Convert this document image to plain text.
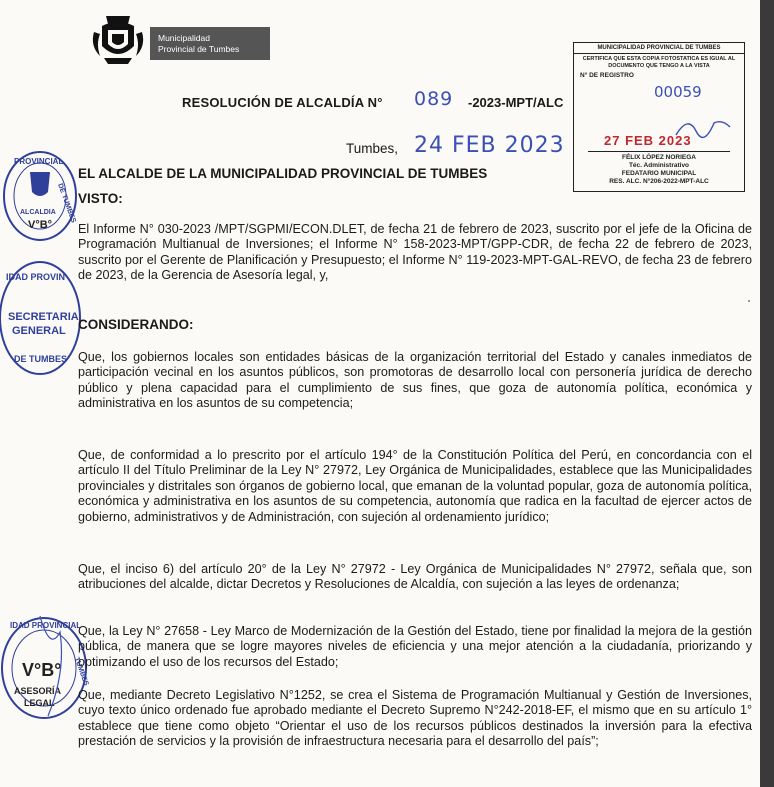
Municipalidad
Provincial de Tumbes
RESOLUCIÓN DE ALCALDÍA N° 089 -2023-MPT/ALC
Tumbes, 24 FEB 2023
MUNICIPALIDAD PROVINCIAL DE TUMBES
CERTIFICA QUE ESTA COPIA FOTOSTATICA ES IGUAL AL DOCUMENTO QUE TENGO A LA VISTA
N° DE REGISTRO
00059
27 FEB 2023
FÉLIX LÓPEZ NORIEGA
Téc. Administrativo
FEDATARIO MUNICIPAL
RES. ALC. N°206-2022-MPT-ALC
PROVINCIAL
DE TUMBES
ALCALDIA
V°B°
IDAD PROVIN
SECRETARIA
GENERAL
DE TUMBES
IDAD PROVINCIAL
TUMBES
V°B°
ASESORÍA
LEGAL
EL ALCALDE DE LA MUNICIPALIDAD PROVINCIAL DE TUMBES
VISTO:

El Informe N° 030-2023 /MPT/SGPMI/ECON.DLET, de fecha 21 de febrero de 2023, suscrito por el jefe de la Oficina de Programación Multianual de Inversiones; el Informe N° 158-2023-MPT/GPP-CDR, de fecha 22 de febrero de 2023, suscrito por el Gerente de Planificación y Presupuesto; el Informe N° 119-2023-MPT-GAL-REVO, de fecha 23 de febrero de 2023, de la Gerencia de Asesoría legal, y,

CONSIDERANDO:

Que, los gobiernos locales son entidades básicas de la organización territorial del Estado y canales inmediatos de participación vecinal en los asuntos públicos, son promotoras de desarrollo local con personería jurídica de derecho público y plena capacidad para el cumplimiento de sus fines, que goza de autonomía política, económica y administrativa en los asuntos de su competencia;

Que, de conformidad a lo prescrito por el artículo 194° de la Constitución Política del Perú, en concordancia con el artículo II del Título Preliminar de la Ley N° 27972, Ley Orgánica de Municipalidades, establece que las Municipalidades provinciales y distritales son órganos de gobierno local, que emanan de la voluntad popular, goza de autonomía política, económica y administrativa en los asuntos de su competencia, autonomía que radica en la facultad de ejercer actos de gobierno, administrativos y de Administración, con sujeción al ordenamiento jurídico;

Que, el inciso 6) del artículo 20° de la Ley N° 27972 - Ley Orgánica de Municipalidades N° 27972, señala que, son atribuciones del alcalde, dictar Decretos y Resoluciones de Alcaldía, con sujeción a las leyes de ordenanza;

Que, la Ley N° 27658 - Ley Marco de Modernización de la Gestión del Estado, tiene por finalidad la mejora de la gestión pública, de manera que se logre mayores niveles de eficiencia y una mejor atención a la ciudadanía, priorizando y optimizando el uso de los recursos del Estado;

Que, mediante Decreto Legislativo N°1252, se crea el Sistema de Programación Multianual y Gestión de Inversiones, cuyo texto único ordenado fue aprobado mediante el Decreto Supremo N°242-2018-EF, el mismo que en su artículo 1° establece que tiene como objeto “Orientar el uso de los recursos públicos destinados la inversión para la efectiva prestación de servicios y la provisión de infraestructura necesaria para el desarrollo del país”;
